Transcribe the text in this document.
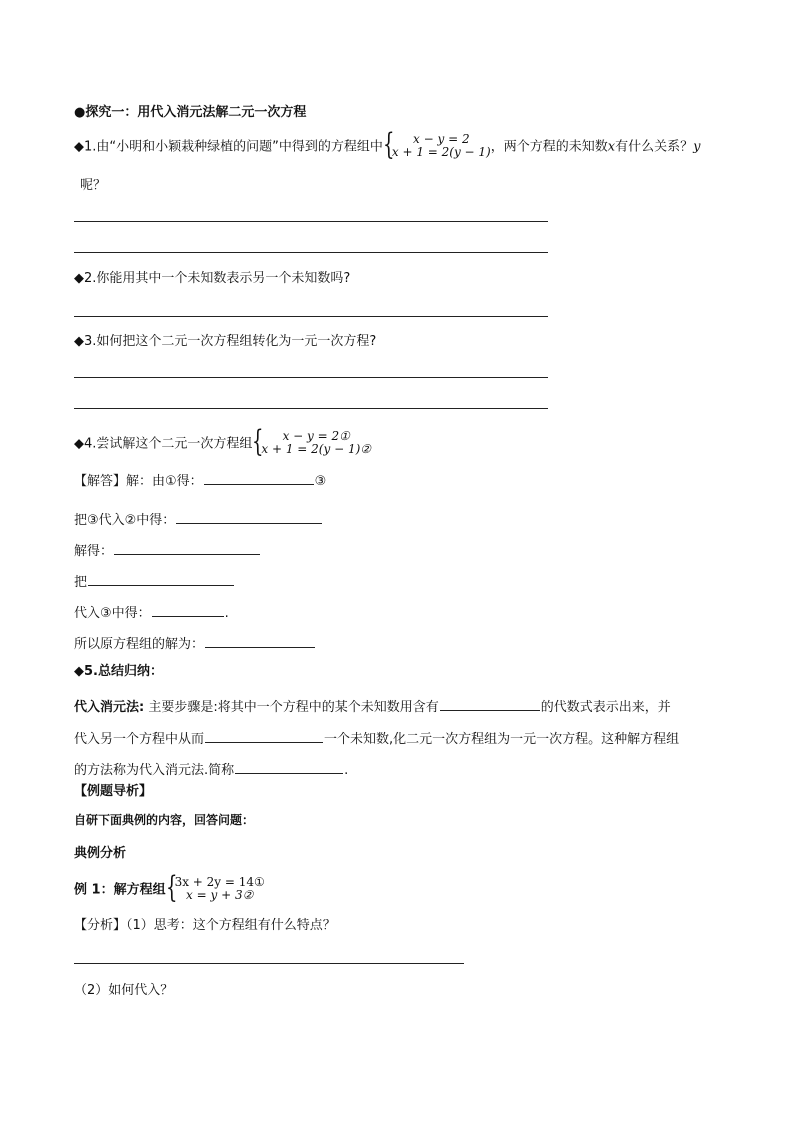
●探究一：用代入消元法解二元一次方程
◆1.由“小明和小颖栽种绿植的问题”中得到的方程组中 {	x − y = 2
x + 1 = 2(y − 1) ，两个方程的未知数x有什么关系？y
呢？
◆2.你能用其中一个未知数表示另一个未知数吗?
◆3.如何把这个二元一次方程组转化为一元一次方程?
◆4.尝试解这个二元一次方程组 {	x − y = 2①
x + 1 = 2(y − 1)②
【解答】解：由①得：	③
把③代入②中得：
解得：
把
代入③中得：	.
所以原方程组的解为：
◆5.总结归纳：
代入消元法: 主要步骤是:将其中一个方程中的某个未知数用含有	的代数式表示出来，并
代入另一个方程中从而	一个未知数,化二元一次方程组为一元一次方程。这种解方程组
的方法称为代入消元法.简称	.
【例题导析】
自研下面典例的内容，回答问题：
典例分析
例 1：解方程组 {
3x + 2y = 14①
x = y + 3②
【分析】（1）思考：这个方程组有什么特点？
（2）如何代入？
